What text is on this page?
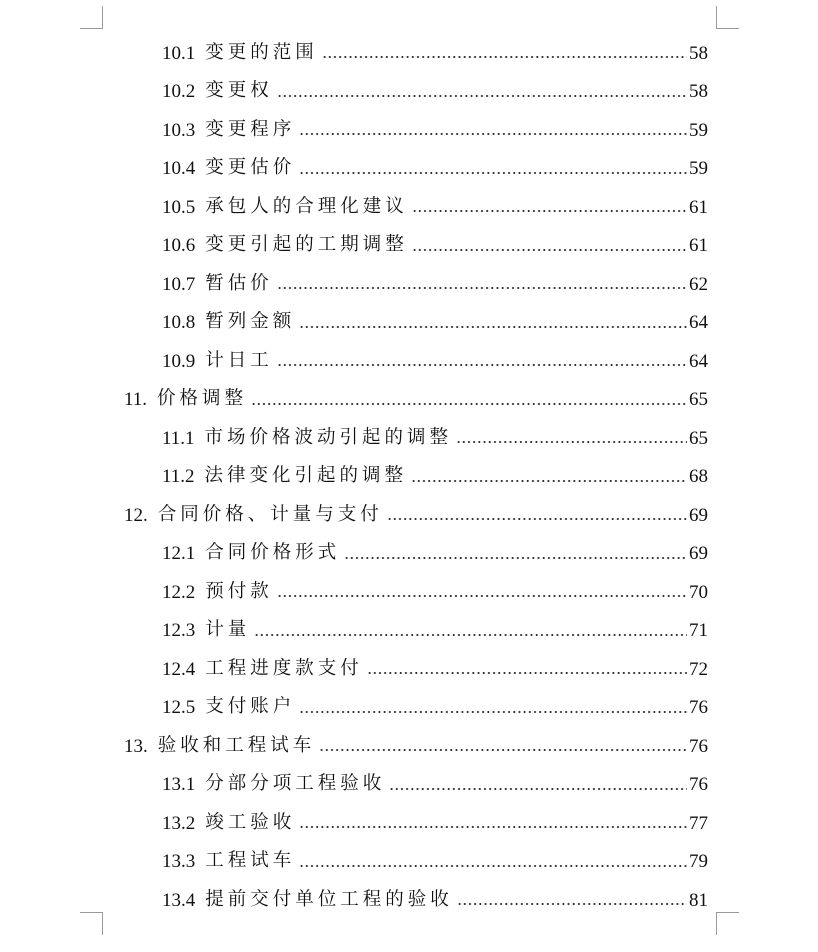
10.1 变更的范围	58
10.2 变更权	58
10.3 变更程序	59
10.4 变更估价	59
10.5 承包人的合理化建议	61
10.6 变更引起的工期调整	61
10.7 暂估价	62
10.8 暂列金额	64
10.9 计日工	64
11. 价格调整	65
11.1 市场价格波动引起的调整	65
11.2 法律变化引起的调整	68
12. 合同价格、计量与支付	69
12.1 合同价格形式	69
12.2 预付款	70
12.3 计量	71
12.4 工程进度款支付	72
12.5 支付账户	76
13. 验收和工程试车	76
13.1 分部分项工程验收	76
13.2 竣工验收	77
13.3 工程试车	79
13.4 提前交付单位工程的验收	81
